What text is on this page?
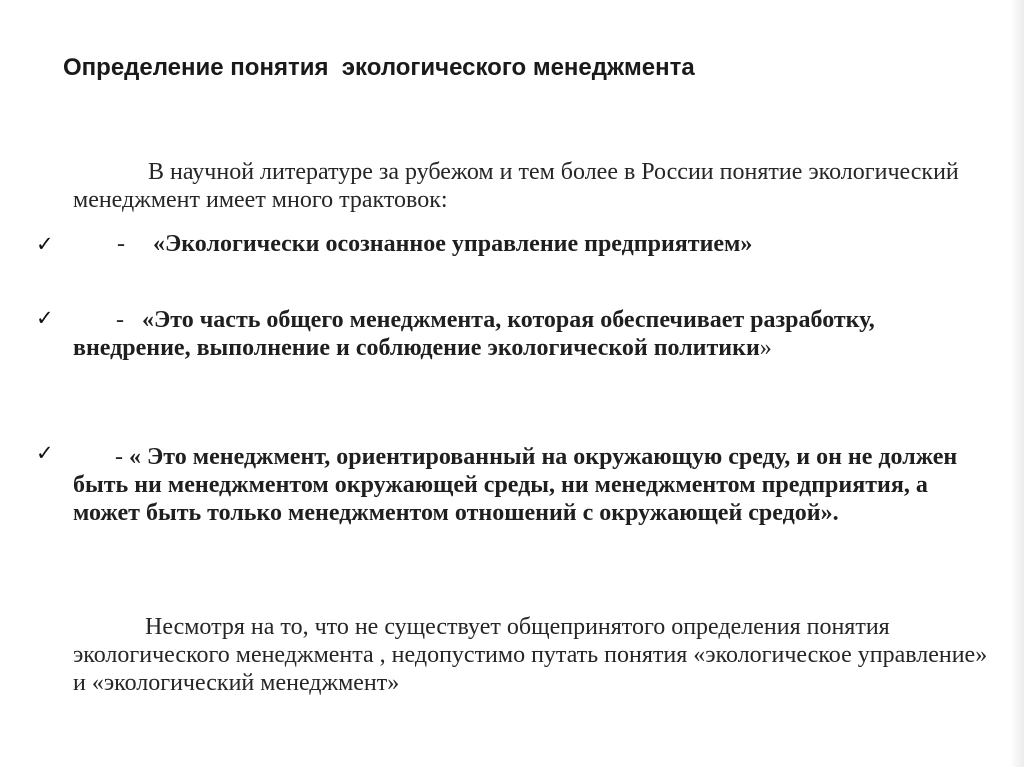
Определение понятия  экологического менеджмента

В научной литературе за рубежом и тем более в России понятие экологический менеджмент имеет много трактовок:

✓	- «Экологически осознанное управление предприятием»

✓	- «Это часть общего менеджмента, которая обеспечивает разработку, внедрение, выполнение и соблюдение экологической политики»

✓	- « Это менеджмент, ориентированный на окружающую среду, и он не должен быть ни менеджментом окружающей среды, ни менеджментом предприятия, а может быть только менеджментом отношений с окружающей средой».

Несмотря на то, что не существует общепринятого определения понятия экологического менеджмента , недопустимо путать понятия «экологическое управление» и «экологический менеджмент»
